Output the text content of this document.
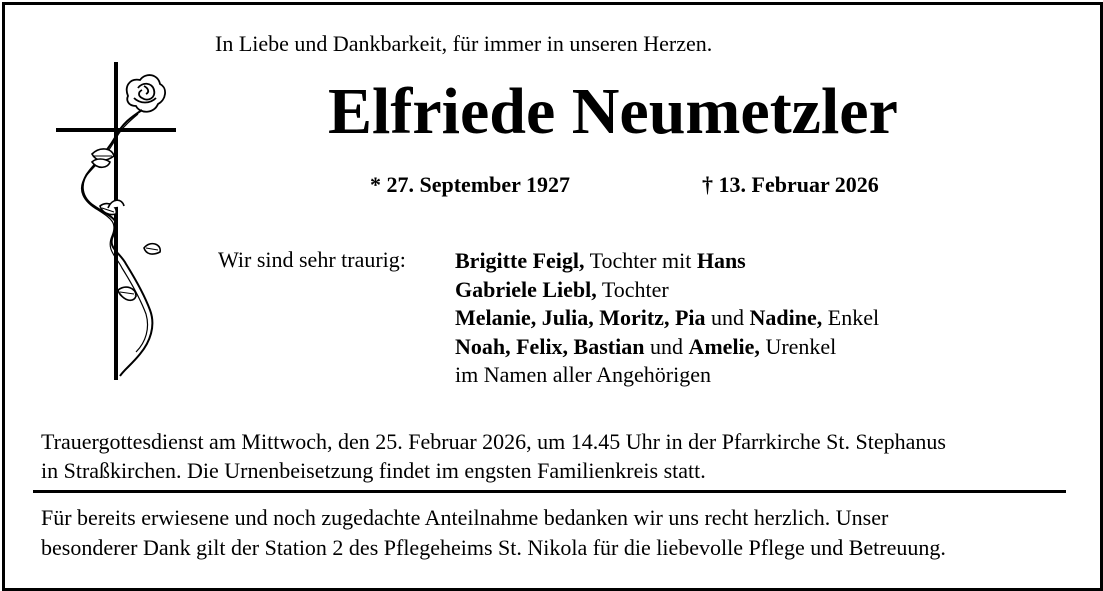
In Liebe und Dankbarkeit, für immer in unseren Herzen.
Elfriede Neumetzler
* 27. September 1927	† 13. Februar 2026
Wir sind sehr traurig: Brigitte Feigl, Tochter mit Hans
Gabriele Liebl, Tochter
Melanie, Julia, Moritz, Pia und Nadine, Enkel
Noah, Felix, Bastian und Amelie, Urenkel
im Namen aller Angehörigen
Trauergottesdienst am Mittwoch, den 25. Februar 2026, um 14.45 Uhr in der Pfarrkirche St. Stephanus
in Straßkirchen. Die Urnenbeisetzung findet im engsten Familienkreis statt.
Für bereits erwiesene und noch zugedachte Anteilnahme bedanken wir uns recht herzlich. Unser
besonderer Dank gilt der Station 2 des Pflegeheims St. Nikola für die liebevolle Pflege und Betreuung.
